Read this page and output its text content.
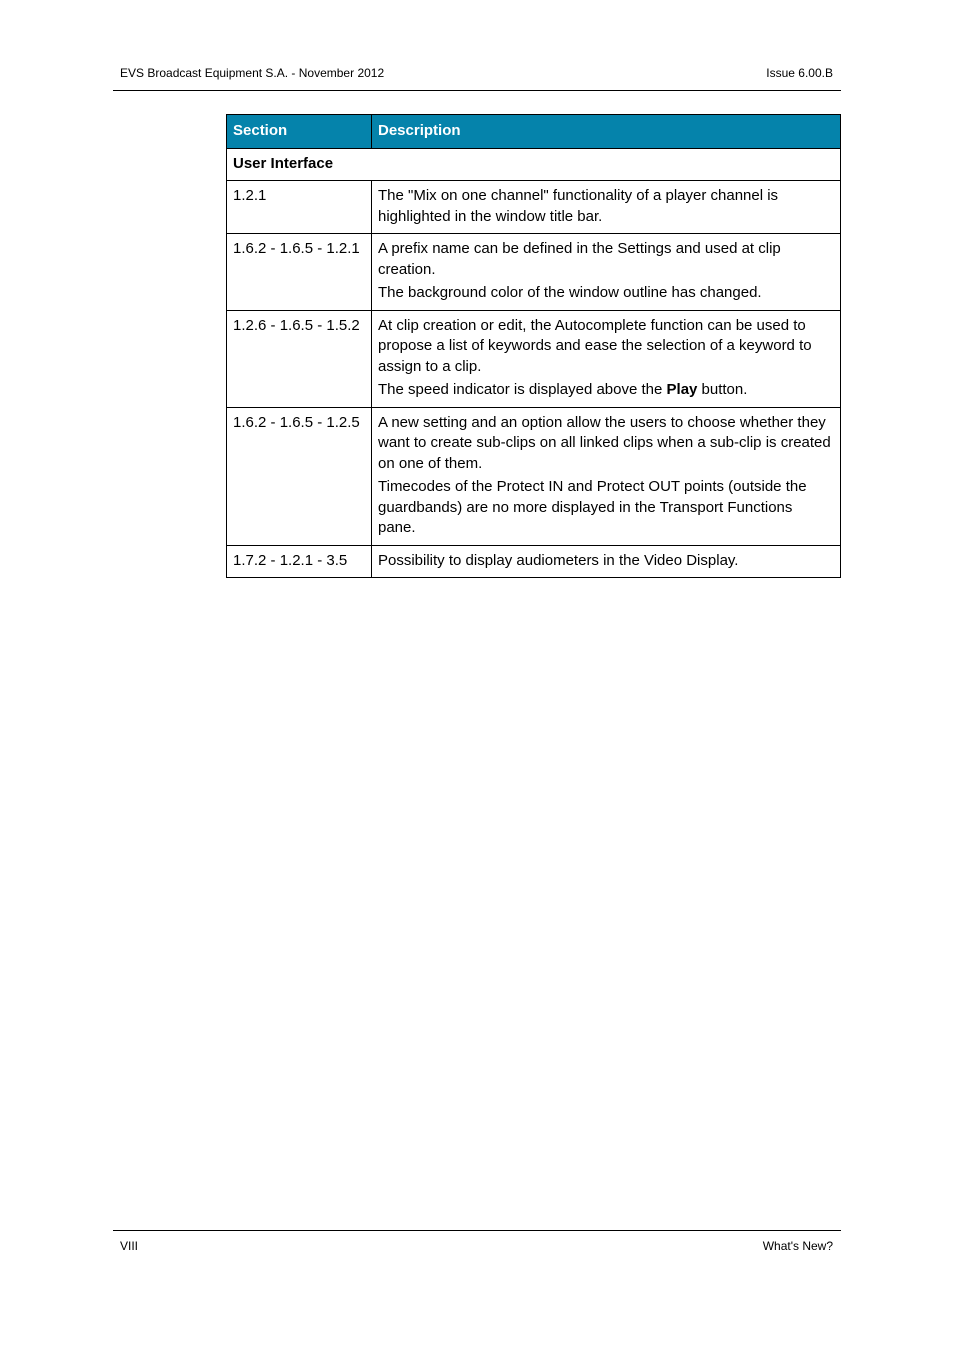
EVS Broadcast Equipment S.A. - November 2012	Issue 6.00.B
Section	Description
User Interface	
1.2.1	The "Mix on one channel" functionality of a player channel is highlighted in the window title bar.

1.6.2 - 1.6.5 - 1.2.1	A prefix name can be defined in the Settings and used at clip creation.

The background color of the window outline has changed.

1.2.6 - 1.6.5 - 1.5.2	At clip creation or edit, the Autocomplete function can be used to propose a list of keywords and ease the selection of a keyword to assign to a clip.

The speed indicator is displayed above the Play button.

1.6.2 - 1.6.5 - 1.2.5	A new setting and an option allow the users to choose whether they want to create sub-clips on all linked clips when a sub-clip is created on one of them.

Timecodes of the Protect IN and Protect OUT points (outside the guardbands) are no more displayed in the Transport Functions pane.

1.7.2 - 1.2.1 - 3.5	Possibility to display audiometers in the Video Display.

VIII	What's New?
